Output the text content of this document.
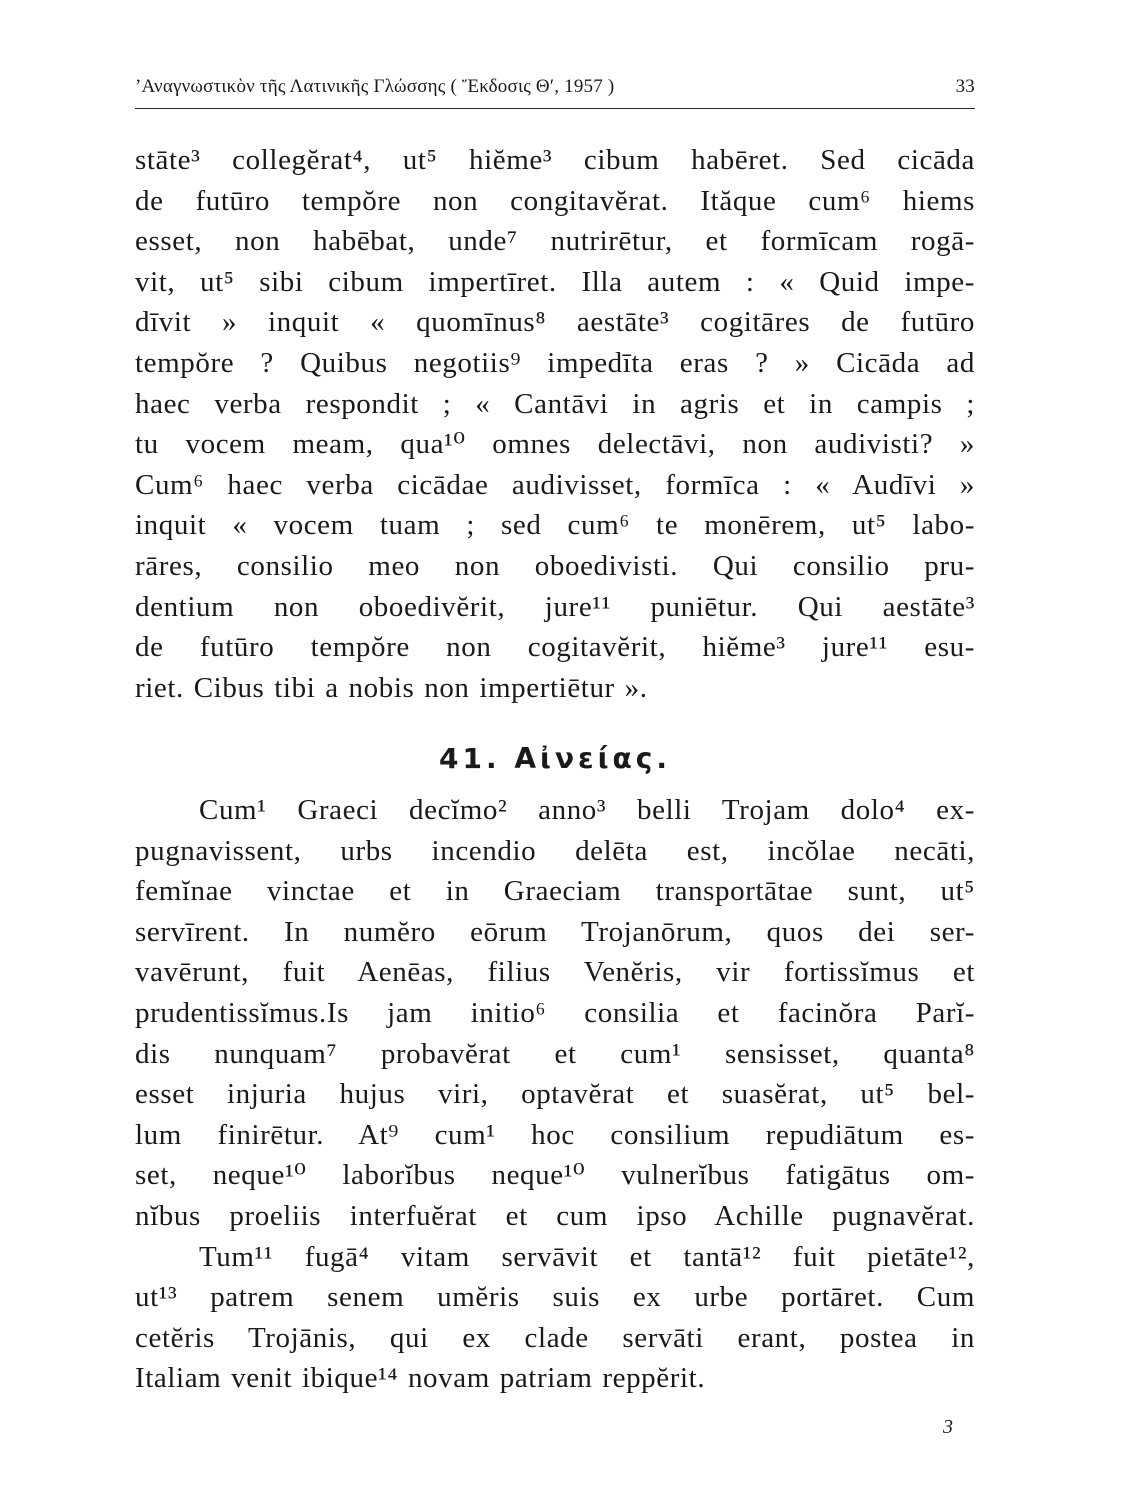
’Αναγνωστικὸν τῆς Λατινικῆς Γλώσσης ( Ἔκδοσις Θ′, 1957 )	33
stāte³ collegĕrat⁴, ut⁵ hiĕme³ cibum habēret. Sed cicāda
de futūro tempŏre non congitavĕrat. Ităque cum⁶ hiems
esset, non habēbat, unde⁷ nutrirētur, et formīcam rogā-
vit, ut⁵ sibi cibum impertīret. Illa autem : « Quid impe-
dīvit » inquit « quomīnus⁸ aestāte³ cogitāres de futūro
tempŏre ? Quibus negotiis⁹ impedīta eras ? » Cicāda ad
haec verba respondit ; « Cantāvi in agris et in campis ;
tu vocem meam, qua¹⁰ omnes delectāvi, non audivisti? »
Cum⁶ haec verba cicādae audivisset, formīca : « Audīvi »
inquit « vocem tuam ; sed cum⁶ te monērem, ut⁵ labo-
rāres, consilio meo non oboedivisti. Qui consilio pru-
dentium non oboedivĕrit, jure¹¹ puniētur. Qui aestāte³
de futūro tempŏre non cogitavĕrit, hiĕme³ jure¹¹ esu-
riet. Cibus tibi a nobis non impertiētur ».
41. Αἰνείας.
Cum¹ Graeci decĭmo² anno³ belli Trojam dolo⁴ ex-
pugnavissent, urbs incendio delēta est, incŏlae necāti,
femĭnae vinctae et in Graeciam transportātae sunt, ut⁵
servīrent. In numĕro eōrum Trojanōrum, quos dei ser-
vavērunt, fuit Aenēas, filius Venĕris, vir fortissĭmus et
prudentissĭmus.Is jam initio⁶ consilia et facinŏra Parĭ-
dis nunquam⁷ probavĕrat et cum¹ sensisset, quanta⁸
esset injuria hujus viri, optavĕrat et suasĕrat, ut⁵ bel-
lum finirētur. At⁹ cum¹ hoc consilium repudiātum es-
set, neque¹⁰ laborĭbus neque¹⁰ vulnerĭbus fatigātus om-
nĭbus proeliis interfuĕrat et cum ipso Achille pugnavĕrat.
Tum¹¹ fugā⁴ vitam servāvit et tantā¹² fuit pietāte¹²,
ut¹³ patrem senem umĕris suis ex urbe portāret. Cum
cetĕris Trojānis, qui ex clade servāti erant, postea in
Italiam venit ibique¹⁴ novam patriam reppĕrit.
3
